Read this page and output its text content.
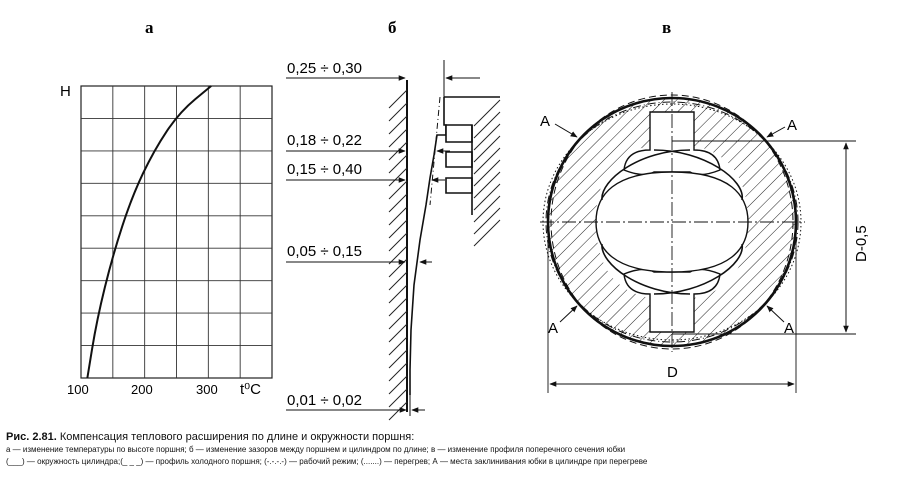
а	б	в
H
100	200	300 t⁰C
0,25 ÷ 0,30
0,18 ÷ 0,22
0,15 ÷ 0,40
0,05 ÷ 0,15
0,01 ÷ 0,02
A	A
A	A
D-0,5
D
Рис. 2.81. Компенсация теплового расширения по длине и окружности поршня:
а — изменение температуры по высоте поршня; б — изменение зазоров между поршнем и цилиндром по длине; в — изменение профиля поперечного сечения юбки
(___) — окружность цилиндра;(_ _ _) — профиль холодного поршня; (-.-.-.-) — рабочий режим; (.......) — перегрев; А — места заклинивания юбки в цилиндре при перегреве
